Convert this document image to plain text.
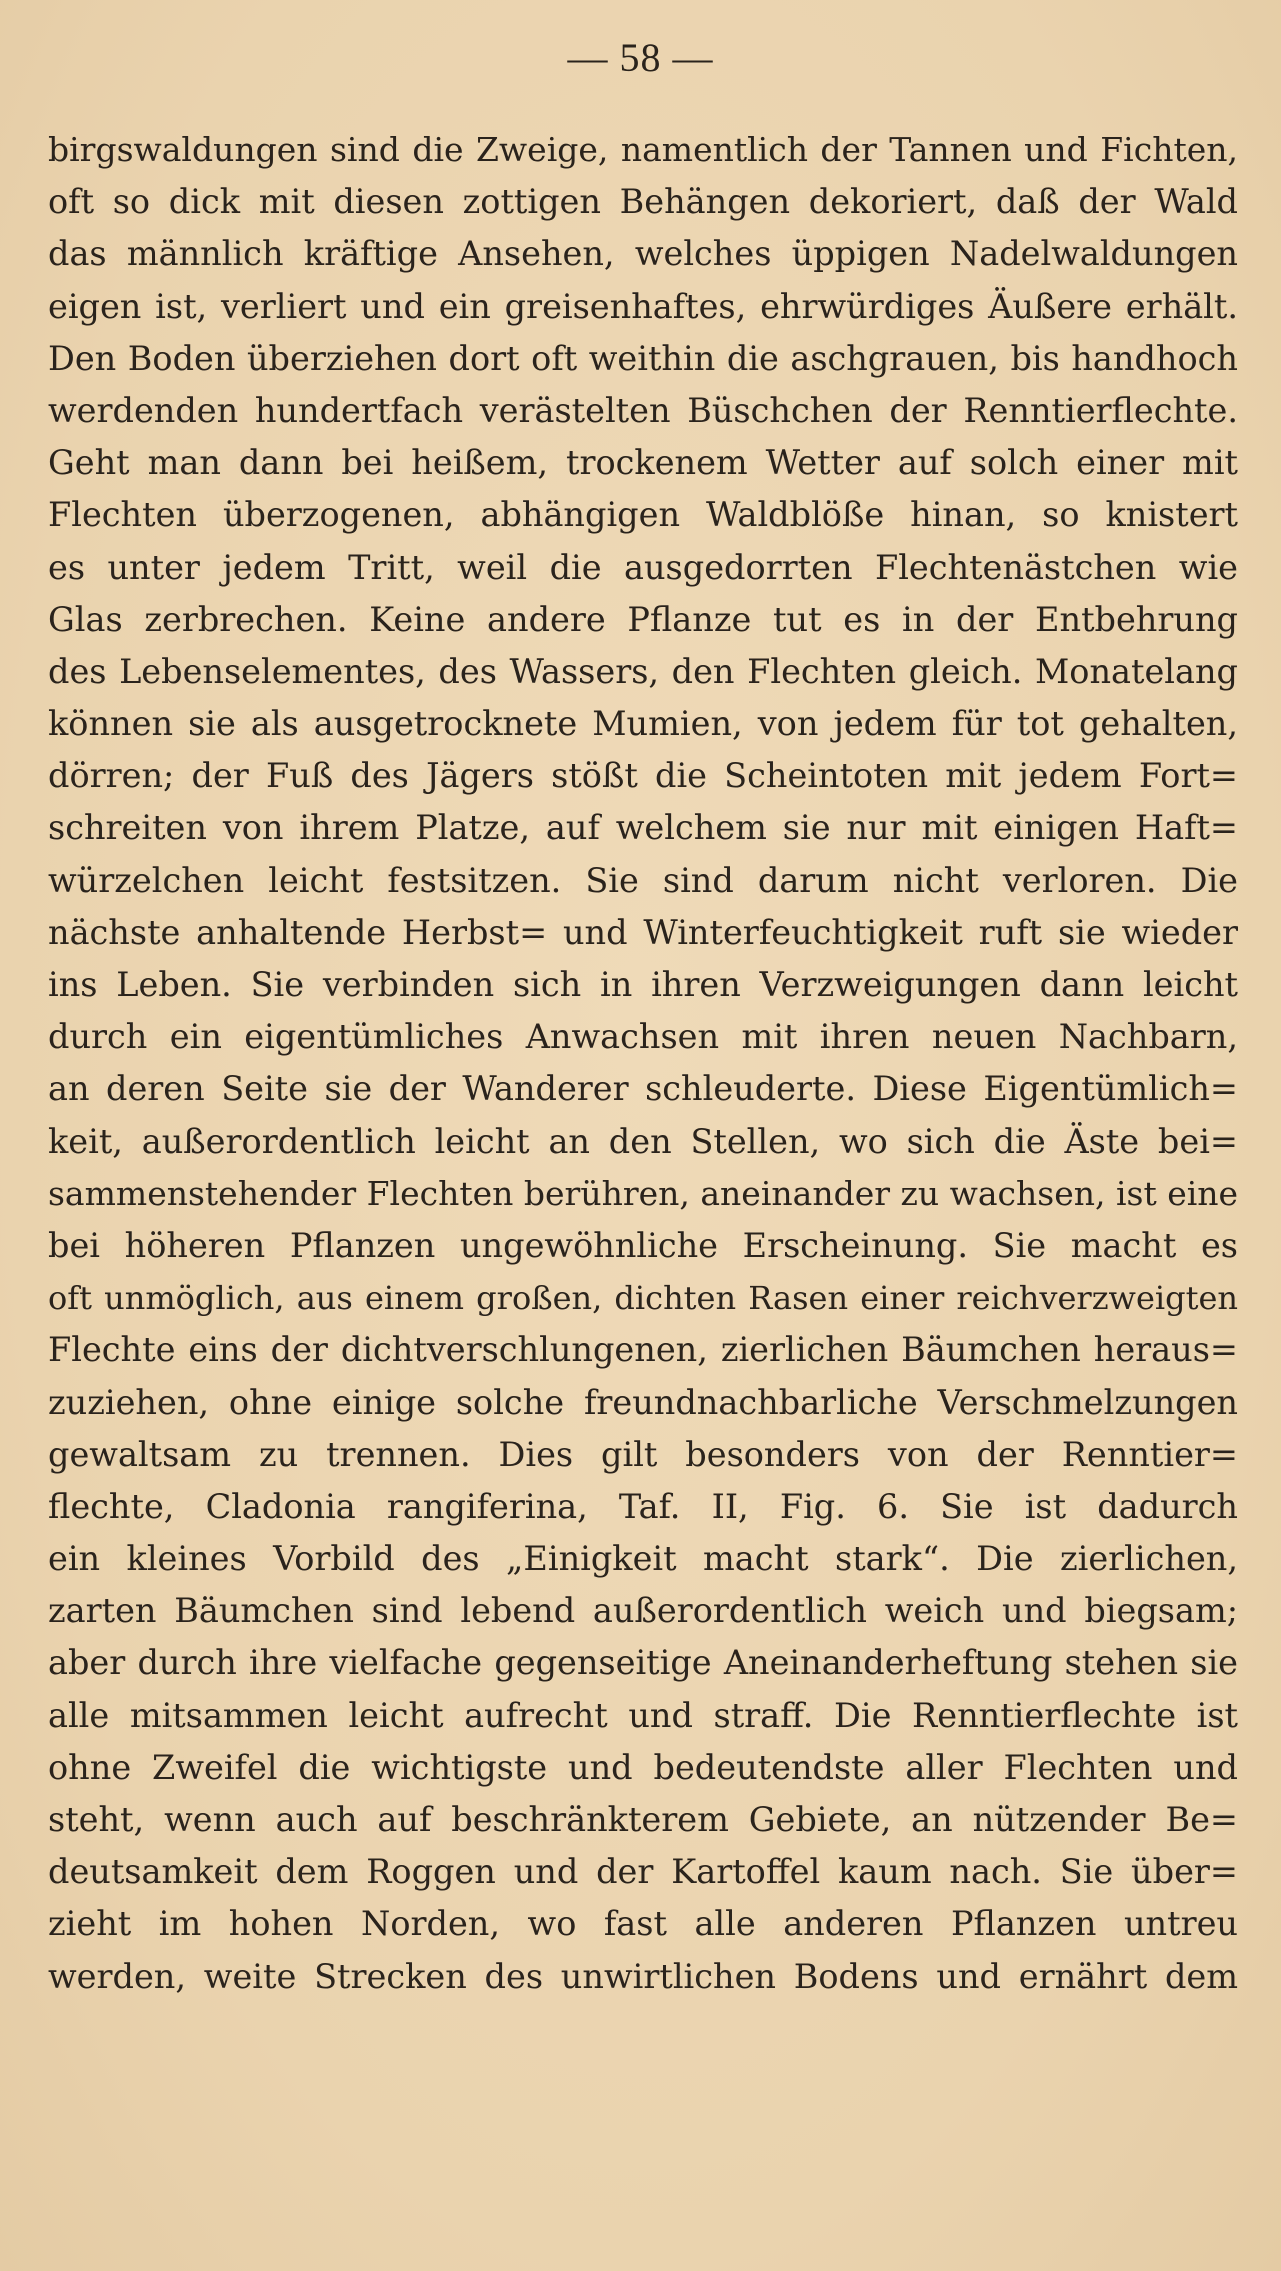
— 58 —
birgswaldungen sind die Zweige, namentlich der Tannen und Fichten,
oft so dick mit diesen zottigen Behängen dekoriert, daß der Wald
das männlich kräftige Ansehen, welches üppigen Nadelwaldungen
eigen ist, verliert und ein greisenhaftes, ehrwürdiges Äußere erhält.
Den Boden überziehen dort oft weithin die aschgrauen, bis handhoch
werdenden hundertfach verästelten Büschchen der Renntierflechte.
Geht man dann bei heißem, trockenem Wetter auf solch einer mit
Flechten überzogenen, abhängigen Waldblöße hinan, so knistert
es unter jedem Tritt, weil die ausgedorrten Flechtenästchen wie
Glas zerbrechen. Keine andere Pflanze tut es in der Entbehrung
des Lebenselementes, des Wassers, den Flechten gleich. Monatelang
können sie als ausgetrocknete Mumien, von jedem für tot gehalten,
dörren; der Fuß des Jägers stößt die Scheintoten mit jedem Fort=
schreiten von ihrem Platze, auf welchem sie nur mit einigen Haft=
würzelchen leicht festsitzen. Sie sind darum nicht verloren. Die
nächste anhaltende Herbst= und Winterfeuchtigkeit ruft sie wieder
ins Leben. Sie verbinden sich in ihren Verzweigungen dann leicht
durch ein eigentümliches Anwachsen mit ihren neuen Nachbarn,
an deren Seite sie der Wanderer schleuderte. Diese Eigentümlich=
keit, außerordentlich leicht an den Stellen, wo sich die Äste bei=
sammenstehender Flechten berühren, aneinander zu wachsen, ist eine
bei höheren Pflanzen ungewöhnliche Erscheinung. Sie macht es
oft unmöglich, aus einem großen, dichten Rasen einer reichverzweigten
Flechte eins der dichtverschlungenen, zierlichen Bäumchen heraus=
zuziehen, ohne einige solche freundnachbarliche Verschmelzungen
gewaltsam zu trennen. Dies gilt besonders von der Renntier=
flechte, Cladonia rangiferina, Taf. II, Fig. 6. Sie ist dadurch
ein kleines Vorbild des „Einigkeit macht stark“. Die zierlichen,
zarten Bäumchen sind lebend außerordentlich weich und biegsam;
aber durch ihre vielfache gegenseitige Aneinanderheftung stehen sie
alle mitsammen leicht aufrecht und straff. Die Renntierflechte ist
ohne Zweifel die wichtigste und bedeutendste aller Flechten und
steht, wenn auch auf beschränkterem Gebiete, an nützender Be=
deutsamkeit dem Roggen und der Kartoffel kaum nach. Sie über=
zieht im hohen Norden, wo fast alle anderen Pflanzen untreu
werden, weite Strecken des unwirtlichen Bodens und ernährt dem
